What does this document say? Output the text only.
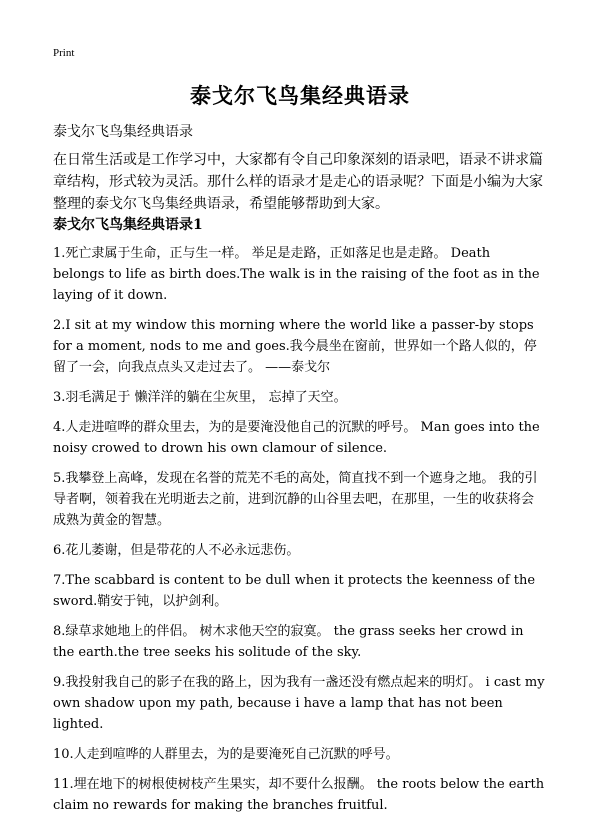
Print
泰戈尔飞鸟集经典语录
泰戈尔飞鸟集经典语录

在日常生活或是工作学习中，大家都有令自己印象深刻的语录吧，语录不讲求篇章结构，形式较为灵活。那什么样的语录才是走心的语录呢？下面是小编为大家整理的泰戈尔飞鸟集经典语录，希望能够帮助到大家。

泰戈尔飞鸟集经典语录1
1.死亡隶属于生命，正与生一样。 举足是走路，正如落足也是走路。 Death belongs to life as birth does.The walk is in the raising of the foot as in the laying of it down.
2.I sit at my window this morning where the world like a passer-by stops for a moment, nods to me and goes.我今晨坐在窗前，世界如一个路人似的，停留了一会，向我点点头又走过去了。 ——泰戈尔
3.羽毛满足于 懒洋洋的躺在尘灰里， 忘掉了天空。
4.人走进喧哗的群众里去，为的是要淹没他自己的沉默的呼号。 Man goes into the noisy crowed to drown his own clamour of silence.
5.我攀登上高峰，发现在名誉的荒芜不毛的高处，简直找不到一个遮身之地。 我的引导者啊，领着我在光明逝去之前，进到沉静的山谷里去吧，在那里，一生的收获将会成熟为黄金的智慧。
6.花儿萎谢，但是带花的人不必永远悲伤。
7.The scabbard is content to be dull when it protects the keenness of the sword.鞘安于钝，以护剑利。
8.绿草求她地上的伴侣。 树木求他天空的寂寞。 the grass seeks her crowd in the earth.the tree seeks his solitude of the sky.
9.我投射我自己的影子在我的路上，因为我有一盏还没有燃点起来的明灯。 i cast my own shadow upon my path, because i have a lamp that has not been lighted.
10.人走到喧哗的人群里去，为的是要淹死自己沉默的呼号。
11.埋在地下的树根使树枝产生果实，却不要什么报酬。 the roots below the earth claim no rewards for making the branches fruitful.
